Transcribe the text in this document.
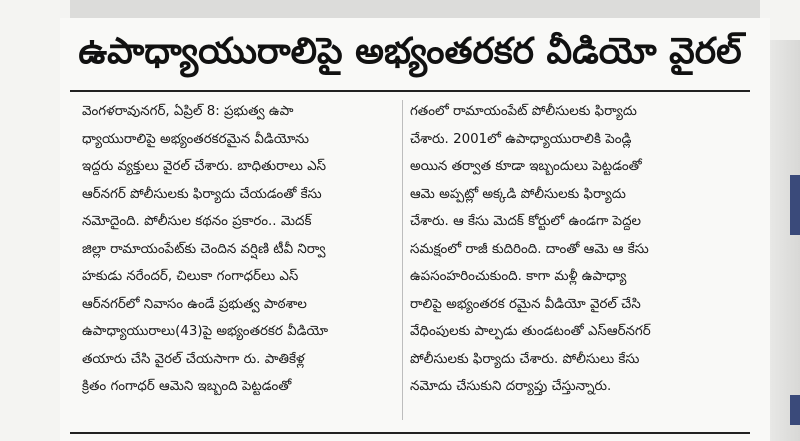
ఉపాధ్యాయురాలిపై అభ్యంతరకర వీడియో వైరల్
వెంగళరావునగర్, ఏప్రిల్ 8: ప్రభుత్వ ఉపా
ధ్యాయురాలిపై అభ్యంతరకరమైన వీడియోను
ఇద్దరు వ్యక్తులు వైరల్ చేశారు. బాధితురాలు ఎస్
ఆర్‌నగర్ పోలీసులకు ఫిర్యాదు చేయడంతో కేసు
నమోదైంది. పోలీసుల కథనం ప్రకారం.. మెదక్
జిల్లా రామాయంపేట్‌కు చెందిన వర్షిణి టీవీ నిర్వా
హకుడు నరేందర్, చిలుకా గంగాధర్‌లు ఎస్
ఆర్‌నగర్‌లో నివాసం ఉండే ప్రభుత్వ పాఠశాల
ఉపాధ్యాయురాలు(43)పై అభ్యంతరకర వీడియో
తయారు చేసి వైరల్ చేయసాగా రు. పాతికేళ్ల
క్రితం గంగాధర్ ఆమెని ఇబ్బంది పెట్టడంతో
గతంలో రామాయంపేట్ పోలీసులకు ఫిర్యాదు
చేశారు. 2001లో ఉపాధ్యాయురాలికి పెండ్లి
అయిన తర్వాత కూడా ఇబ్బందులు పెట్టడంతో
ఆమె అప్పట్లో అక్కడి పోలీసులకు ఫిర్యాదు
చేశారు. ఆ కేసు మెదక్ కోర్టులో ఉండగా పెద్దల
సమక్షంలో రాజీ కుదిరింది. దాంతో ఆమె ఆ కేసు
ఉపసంహరించుకుంది. కాగా మళ్లీ ఉపాధ్యా
రాలిపై అభ్యంతరక రమైన వీడియో వైరల్ చేసి
వేధింపులకు పాల్పడు తుండటంతో ఎస్‌ఆర్‌నగర్
పోలీసులకు ఫిర్యాదు చేశారు. పోలీసులు కేసు
నమోదు చేసుకుని దర్యాప్తు చేస్తున్నారు.
